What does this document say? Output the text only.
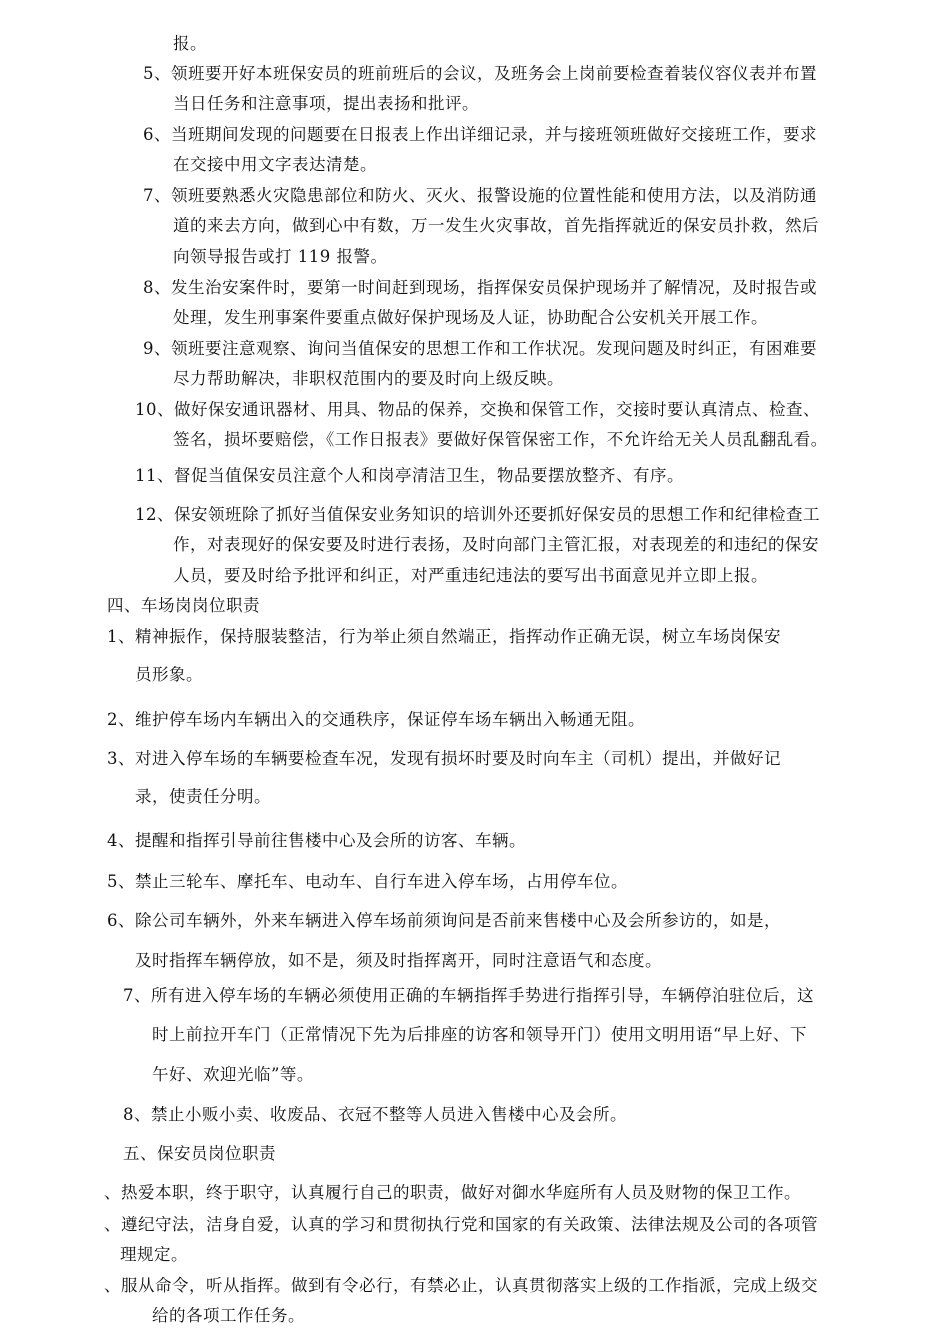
报。
5、领班要开好本班保安员的班前班后的会议，及班务会上岗前要检查着装仪容仪表并布置
当日任务和注意事项，提出表扬和批评。
6、当班期间发现的问题要在日报表上作出详细记录，并与接班领班做好交接班工作，要求
在交接中用文字表达清楚。
7、领班要熟悉火灾隐患部位和防火、灭火、报警设施的位置性能和使用方法，以及消防通
道的来去方向，做到心中有数，万一发生火灾事故，首先指挥就近的保安员扑救，然后
向领导报告或打 119 报警。
8、发生治安案件时，要第一时间赶到现场，指挥保安员保护现场并了解情况，及时报告或
处理，发生刑事案件要重点做好保护现场及人证，协助配合公安机关开展工作。
9、领班要注意观察、询问当值保安的思想工作和工作状况。发现问题及时纠正，有困难要
尽力帮助解决，非职权范围内的要及时向上级反映。
10、做好保安通讯器材、用具、物品的保养，交换和保管工作，交接时要认真清点、检查、
签名，损坏要赔偿，《工作日报表》要做好保管保密工作，不允许给无关人员乱翻乱看。
11、督促当值保安员注意个人和岗亭清洁卫生，物品要摆放整齐、有序。
12、保安领班除了抓好当值保安业务知识的培训外还要抓好保安员的思想工作和纪律检查工
作，对表现好的保安要及时进行表扬，及时向部门主管汇报，对表现差的和违纪的保安
人员，要及时给予批评和纠正，对严重违纪违法的要写出书面意见并立即上报。
四、车场岗岗位职责
1、精神振作，保持服装整洁，行为举止须自然端正，指挥动作正确无误，树立车场岗保安
员形象。
2、维护停车场内车辆出入的交通秩序，保证停车场车辆出入畅通无阻。
3、对进入停车场的车辆要检查车况，发现有损坏时要及时向车主（司机）提出，并做好记
录，使责任分明。
4、提醒和指挥引导前往售楼中心及会所的访客、车辆。
5、禁止三轮车、摩托车、电动车、自行车进入停车场，占用停车位。
6、除公司车辆外，外来车辆进入停车场前须询问是否前来售楼中心及会所参访的，如是，
及时指挥车辆停放，如不是，须及时指挥离开，同时注意语气和态度。
7、所有进入停车场的车辆必须使用正确的车辆指挥手势进行指挥引导，车辆停泊驻位后，这
时上前拉开车门（正常情况下先为后排座的访客和领导开门）使用文明用语“早上好、下
午好、欢迎光临”等。
8、禁止小贩小卖、收废品、衣冠不整等人员进入售楼中心及会所。
五、保安员岗位职责
、热爱本职，终于职守，认真履行自己的职责，做好对御水华庭所有人员及财物的保卫工作。
、遵纪守法，洁身自爱，认真的学习和贯彻执行党和国家的有关政策、法律法规及公司的各项管
理规定。
、服从命令，听从指挥。做到有令必行，有禁必止，认真贯彻落实上级的工作指派，完成上级交
给的各项工作任务。
